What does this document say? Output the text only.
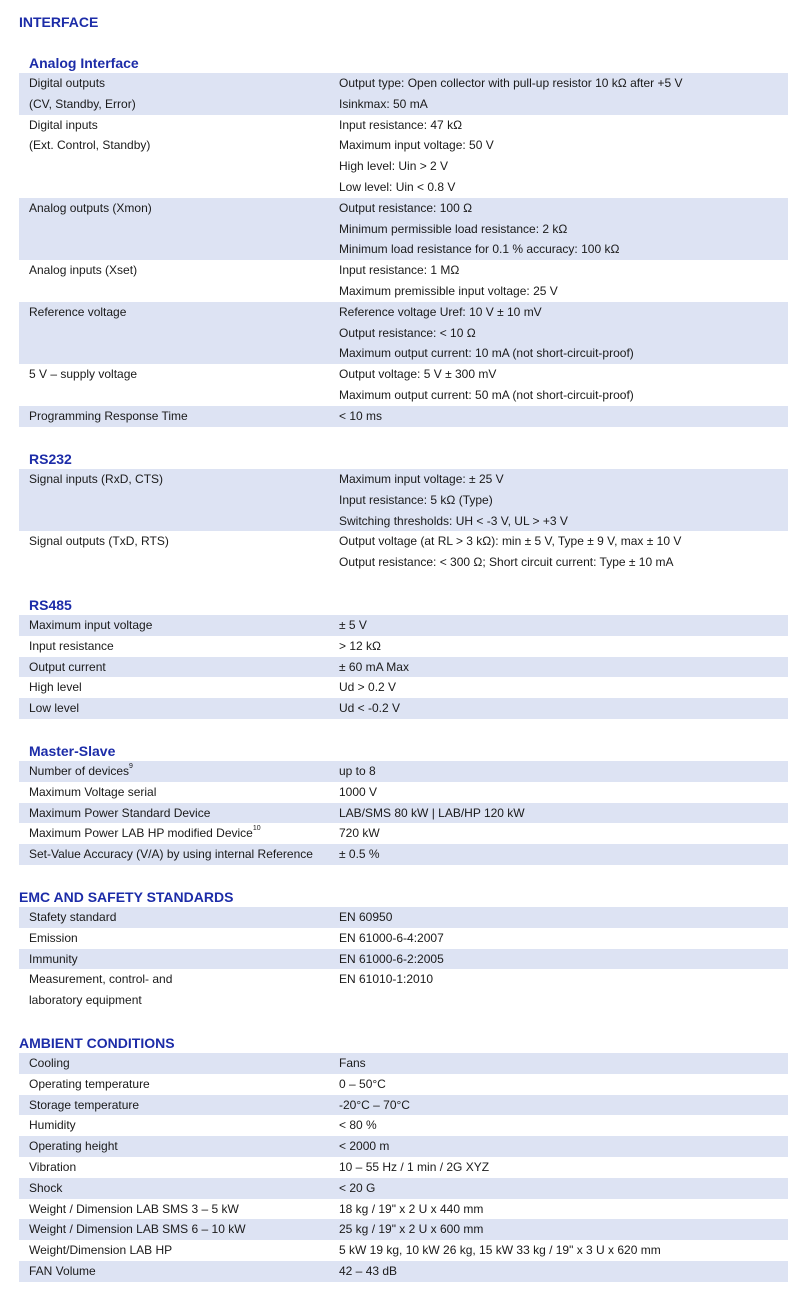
INTERFACE
Analog Interface
Digital outputs
(CV, Standby, Error)	Output type: Open collector with pull-up resistor 10 kΩ after +5 V
Isinkmax: 50 mA

Digital inputs
(Ext. Control, Standby)	Input resistance: 47 kΩ
Maximum input voltage: 50 V
High level: Uin > 2 V
Low level: Uin < 0.8 V

Analog outputs (Xmon)	Output resistance: 100 Ω
Minimum permissible load resistance: 2 kΩ
Minimum load resistance for 0.1 % accuracy: 100 kΩ

Analog inputs (Xset)	Input resistance: 1 MΩ
Maximum premissible input voltage: 25 V

Reference voltage	Reference voltage Uref: 10 V ± 10 mV
Output resistance: < 10 Ω
Maximum output current: 10 mA (not short-circuit-proof)

5 V – supply voltage	Output voltage: 5 V ± 300 mV
Maximum output current: 50 mA (not short-circuit-proof)

Programming Response Time	< 10 ms
RS232
Signal inputs (RxD, CTS)	Maximum input voltage: ± 25 V
Input resistance: 5 kΩ (Type)
Switching thresholds: UH < -3 V, UL > +3 V

Signal outputs (TxD, RTS)	Output voltage (at RL > 3 kΩ): min ± 5 V, Type ± 9 V, max ± 10 V
Output resistance: < 300 Ω; Short circuit current: Type ± 10 mA
RS485
Maximum input voltage	± 5 V

Input resistance	> 12 kΩ

Output current	± 60 mA Max

High level	Ud > 0.2 V

Low level	Ud < -0.2 V
Master-Slave
Number of devices$^9$	up to 8

Maximum Voltage serial	1000 V

Maximum Power Standard Device	LAB/SMS 80 kW | LAB/HP 120 kW

Maximum Power LAB HP modified Device$^{10}$	720 kW

Set-Value Accuracy (V/A) by using internal Reference	± 0.5 %
EMC AND SAFETY STANDARDS
Stafety standard	EN 60950

Emission	EN 61000-6-4:2007

Immunity	EN 61000-6-2:2005

Measurement, control- and
laboratory equipment	EN 61010-1:2010
AMBIENT CONDITIONS
Cooling	Fans

Operating temperature	0 – 50°C

Storage temperature	-20°C – 70°C

Humidity	< 80 %

Operating height	< 2000 m

Vibration	10 – 55 Hz / 1 min / 2G XYZ

Shock	< 20 G

Weight / Dimension LAB SMS 3 – 5 kW	18 kg / 19" x 2 U x 440 mm

Weight / Dimension LAB SMS 6 – 10 kW	25 kg / 19" x 2 U x 600 mm

Weight/Dimension LAB HP	5 kW 19 kg, 10 kW 26 kg, 15 kW 33 kg / 19" x 3 U x 620 mm

FAN Volume	42 – 43 dB
